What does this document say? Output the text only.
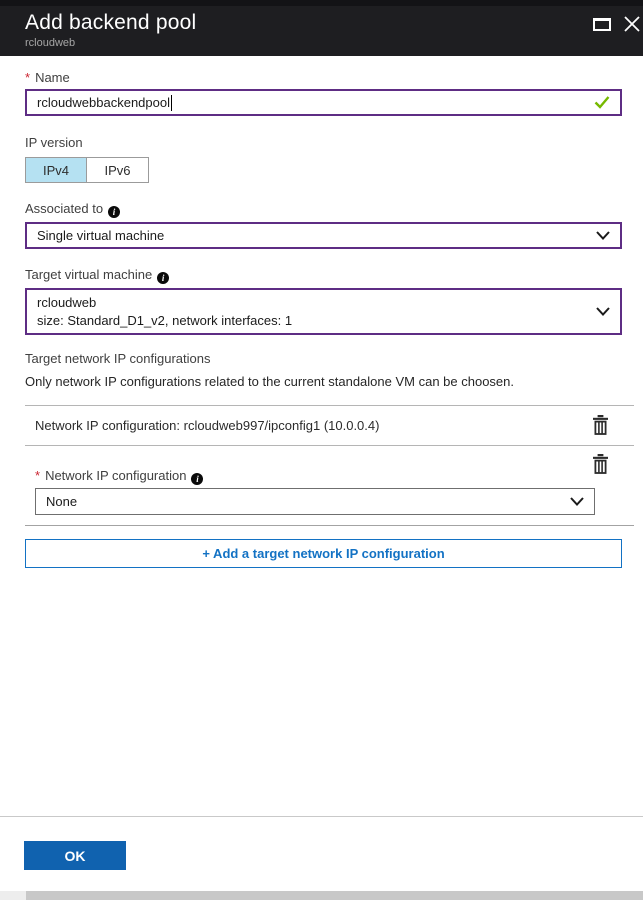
Add backend pool
rcloudweb
* Name
rcloudwebbackendpool
IP version
IPv4	IPv6
Associated to i
Single virtual machine
Target virtual machine i
rcloudweb
size: Standard_D1_v2, network interfaces: 1
Target network IP configurations
Only network IP configurations related to the current standalone VM can be choosen.
Network IP configuration: rcloudweb997/ipconfig1 (10.0.0.4)
* Network IP configuration i
None
+ Add a target network IP configuration
OK
